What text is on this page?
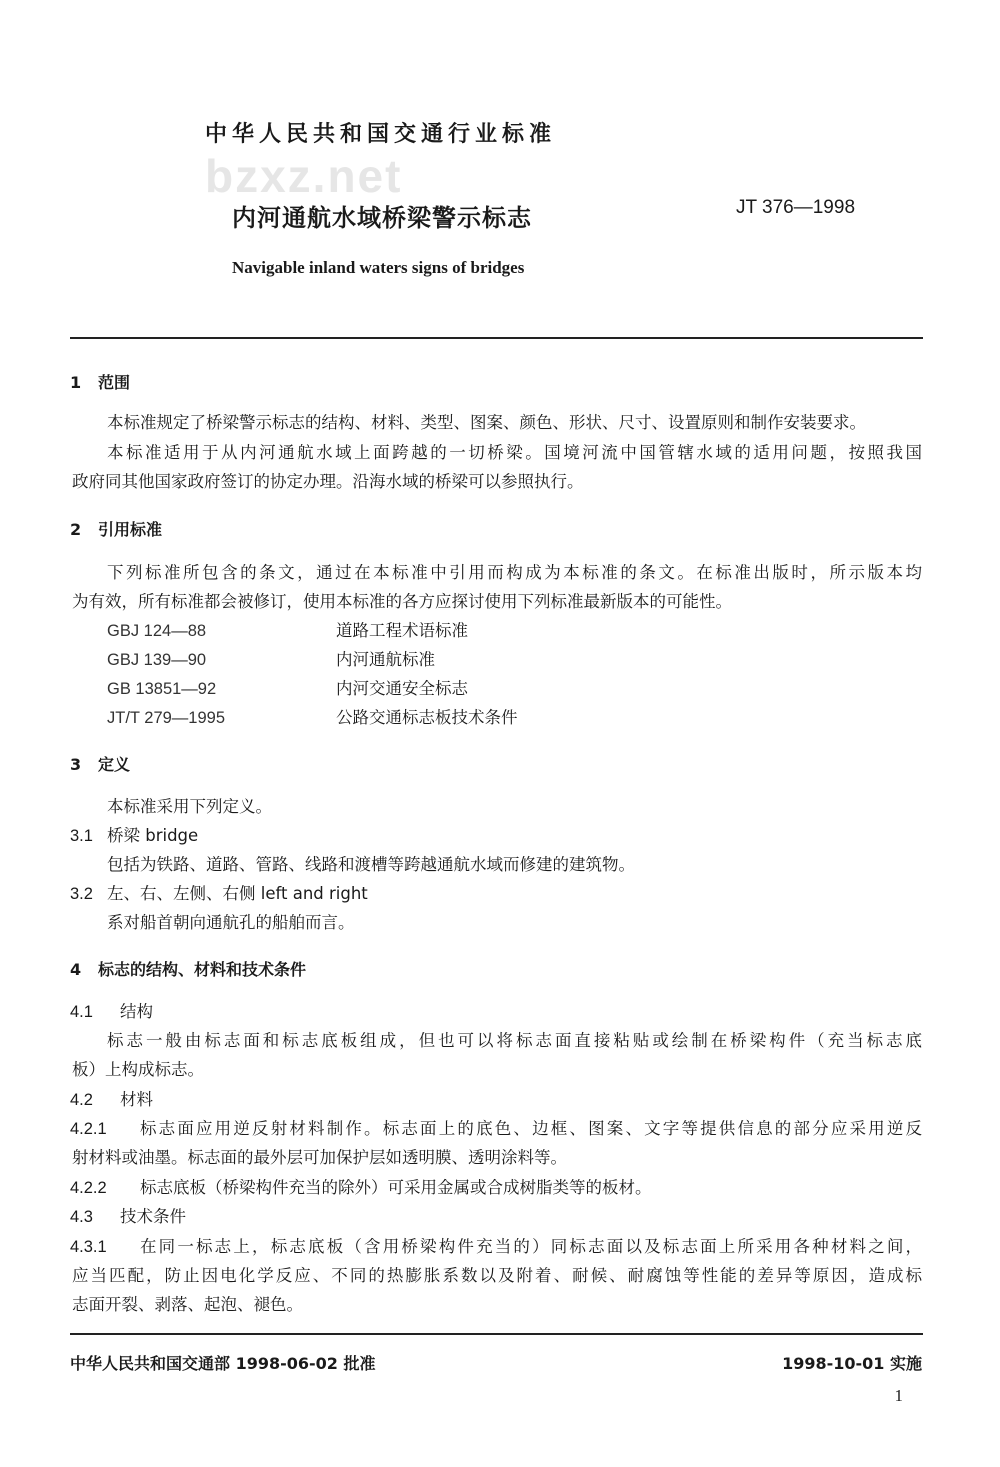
中华人民共和国交通行业标准
bzxz.net
内河通航水域桥梁警示标志	JT 376—1998
Navigable inland waters signs of bridges
1 范围
本标准规定了桥梁警示标志的结构、材料、类型、图案、颜色、形状、尺寸、设置原则和制作安装要求。
本标准适用于从内河通航水域上面跨越的一切桥梁。国境河流中国管辖水域的适用问题，按照我国
政府同其他国家政府签订的协定办理。沿海水域的桥梁可以参照执行。
2 引用标准
下列标准所包含的条文，通过在本标准中引用而构成为本标准的条文。在标准出版时，所示版本均
为有效，所有标准都会被修订，使用本标准的各方应探讨使用下列标准最新版本的可能性。
GBJ 124—88	道路工程术语标准
GBJ 139—90	内河通航标准
GB 13851—92	内河交通安全标志
JT/T 279—1995	公路交通标志板技术条件
3 定义
本标准采用下列定义。
3.1 桥梁 bridge
包括为铁路、道路、管路、线路和渡槽等跨越通航水域而修建的建筑物。
3.2 左、右、左侧、右侧 left and right
系对船首朝向通航孔的船舶而言。
4 标志的结构、材料和技术条件
4.1 结构
标志一般由标志面和标志底板组成，但也可以将标志面直接粘贴或绘制在桥梁构件（充当标志底
板）上构成标志。
4.2 材料
4.2.1 标志面应用逆反射材料制作。标志面上的底色、边框、图案、文字等提供信息的部分应采用逆反
射材料或油墨。标志面的最外层可加保护层如透明膜、透明涂料等。
4.2.2 标志底板（桥梁构件充当的除外）可采用金属或合成树脂类等的板材。
4.3 技术条件
4.3.1 在同一标志上，标志底板（含用桥梁构件充当的）同标志面以及标志面上所采用各种材料之间，
应当匹配，防止因电化学反应、不同的热膨胀系数以及附着、耐候、耐腐蚀等性能的差异等原因，造成标
志面开裂、剥落、起泡、褪色。
中华人民共和国交通部 1998-06-02 批准	1998-10-01 实施
1
